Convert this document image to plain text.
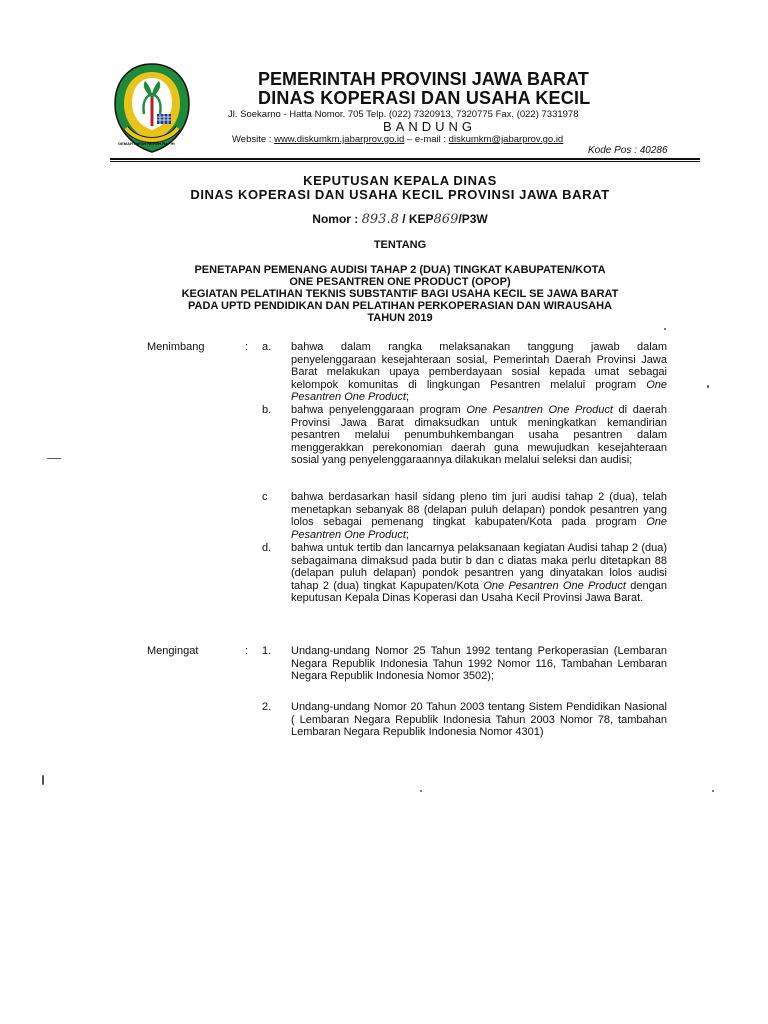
GEMAH RIPAH REPEH RAPIH
PEMERINTAH PROVINSI JAWA BARAT
DINAS KOPERASI DAN USAHA KECIL
Jl. Soekarno - Hatta Nomor. 705 Telp. (022) 7320913, 7320775 Fax. (022) 7331978
BANDUNG
Website : www.diskumkm.jabarprov.go.id – e-mail : diskumkm@jabarprov.go.id
Kode Pos : 40286
KEPUTUSAN KEPALA DINAS
DINAS KOPERASI DAN USAHA KECIL PROVINSI JAWA BARAT
Nomor : 893.8 / KEP869/P3W
TENTANG
PENETAPAN PEMENANG AUDISI TAHAP 2 (DUA) TINGKAT KABUPATEN/KOTA
ONE PESANTREN ONE PRODUCT (OPOP)
KEGIATAN PELATIHAN TEKNIS SUBSTANTIF BAGI USAHA KECIL SE JAWA BARAT
PADA UPTD PENDIDIKAN DAN PELATIHAN PERKOPERASIAN DAN WIRAUSAHA
TAHUN 2019
Menimbang	: a. bahwa dalam rangka melaksanakan tanggung jawab dalam penyelenggaraan kesejahteraan sosial, Pemerintah Daerah Provinsi Jawa Barat melakukan upaya pemberdayaan sosial kepada umat sebagai kelompok komunitas di lingkungan Pesantren melalui program One Pesantren One Product;
b. bahwa penyelenggaraan program One Pesantren One Product di daerah Provinsi Jawa Barat dimaksudkan untuk meningkatkan kemandirian pesantren melalui penumbuhkembangan usaha pesantren dalam menggerakkan perekonomian daerah guna mewujudkan kesejahteraan sosial yang penyelenggaraannya dilakukan melalui seleksi dan audisi;
c bahwa berdasarkan hasil sidang pleno tim juri audisi tahap 2 (dua), telah menetapkan sebanyak 88 (delapan puluh delapan) pondok pesantren yang lolos sebagai pemenang tingkat kabupaten/Kota pada program One Pesantren One Product;
d. bahwa untuk tertib dan lancarnya pelaksanaan kegiatan Audisi tahap 2 (dua) sebagaimana dimaksud pada butir b dan c diatas maka perlu ditetapkan 88 (delapan puluh delapan) pondok pesantren yang dinyatakan lolos audisi tahap 2 (dua) tingkat Kapupaten/Kota One Pesantren One Product dengan keputusan Kepala Dinas Koperasi dan Usaha Kecil Provinsi Jawa Barat.
Mengingat	: 1. Undang-undang Nomor 25 Tahun 1992 tentang Perkoperasian (Lembaran Negara Republik Indonesia Tahun 1992 Nomor 116, Tambahan Lembaran Negara Republik Indonesia Nomor 3502);
2. Undang-undang Nomor 20 Tahun 2003 tentang Sistem Pendidikan Nasional ( Lembaran Negara Republik Indonesia Tahun 2003 Nomor 78, tambahan Lembaran Negara Republik Indonesia Nomor 4301)
